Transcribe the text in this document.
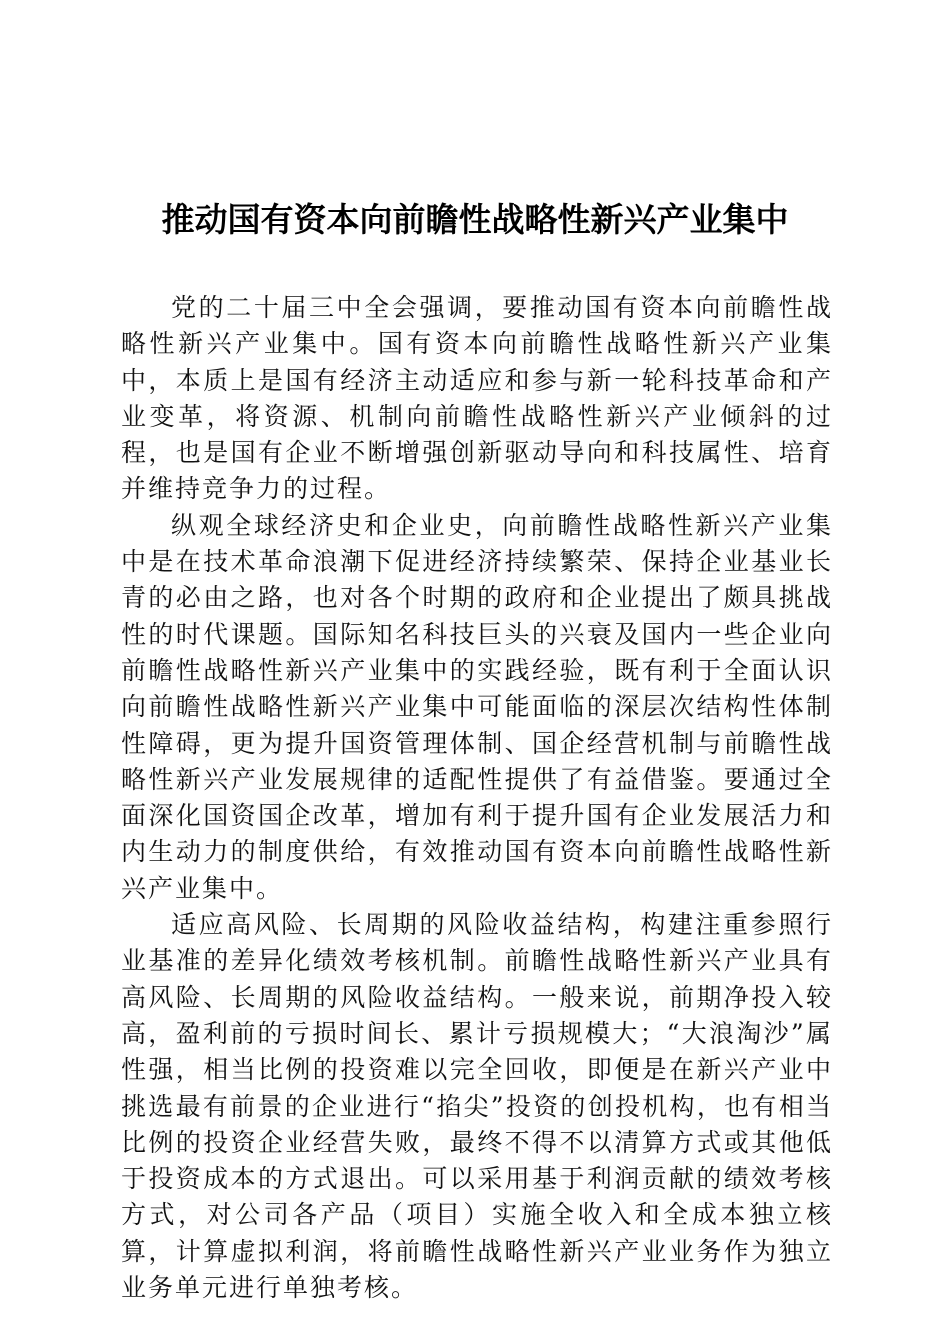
推动国有资本向前瞻性战略性新兴产业集中

党的二十届三中全会强调，要推动国有资本向前瞻性战略性新兴产业集中。国有资本向前瞻性战略性新兴产业集中，本质上是国有经济主动适应和参与新一轮科技革命和产业变革，将资源、机制向前瞻性战略性新兴产业倾斜的过程，也是国有企业不断增强创新驱动导向和科技属性、培育并维持竞争力的过程。

纵观全球经济史和企业史，向前瞻性战略性新兴产业集中是在技术革命浪潮下促进经济持续繁荣、保持企业基业长青的必由之路，也对各个时期的政府和企业提出了颇具挑战性的时代课题。国际知名科技巨头的兴衰及国内一些企业向前瞻性战略性新兴产业集中的实践经验，既有利于全面认识向前瞻性战略性新兴产业集中可能面临的深层次结构性体制性障碍，更为提升国资管理体制、国企经营机制与前瞻性战略性新兴产业发展规律的适配性提供了有益借鉴。要通过全面深化国资国企改革，增加有利于提升国有企业发展活力和内生动力的制度供给，有效推动国有资本向前瞻性战略性新兴产业集中。

适应高风险、长周期的风险收益结构，构建注重参照行业基准的差异化绩效考核机制。前瞻性战略性新兴产业具有高风险、长周期的风险收益结构。一般来说，前期净投入较高，盈利前的亏损时间长、累计亏损规模大；“大浪淘沙”属性强，相当比例的投资难以完全回收，即便是在新兴产业中挑选最有前景的企业进行“掐尖”投资的创投机构，也有相当比例的投资企业经营失败，最终不得不以清算方式或其他低于投资成本的方式退出。可以采用基于利润贡献的绩效考核方式，对公司各产品（项目）实施全收入和全成本独立核算，计算虚拟利润，将前瞻性战略性新兴产业业务作为独立业务单元进行单独考核。
